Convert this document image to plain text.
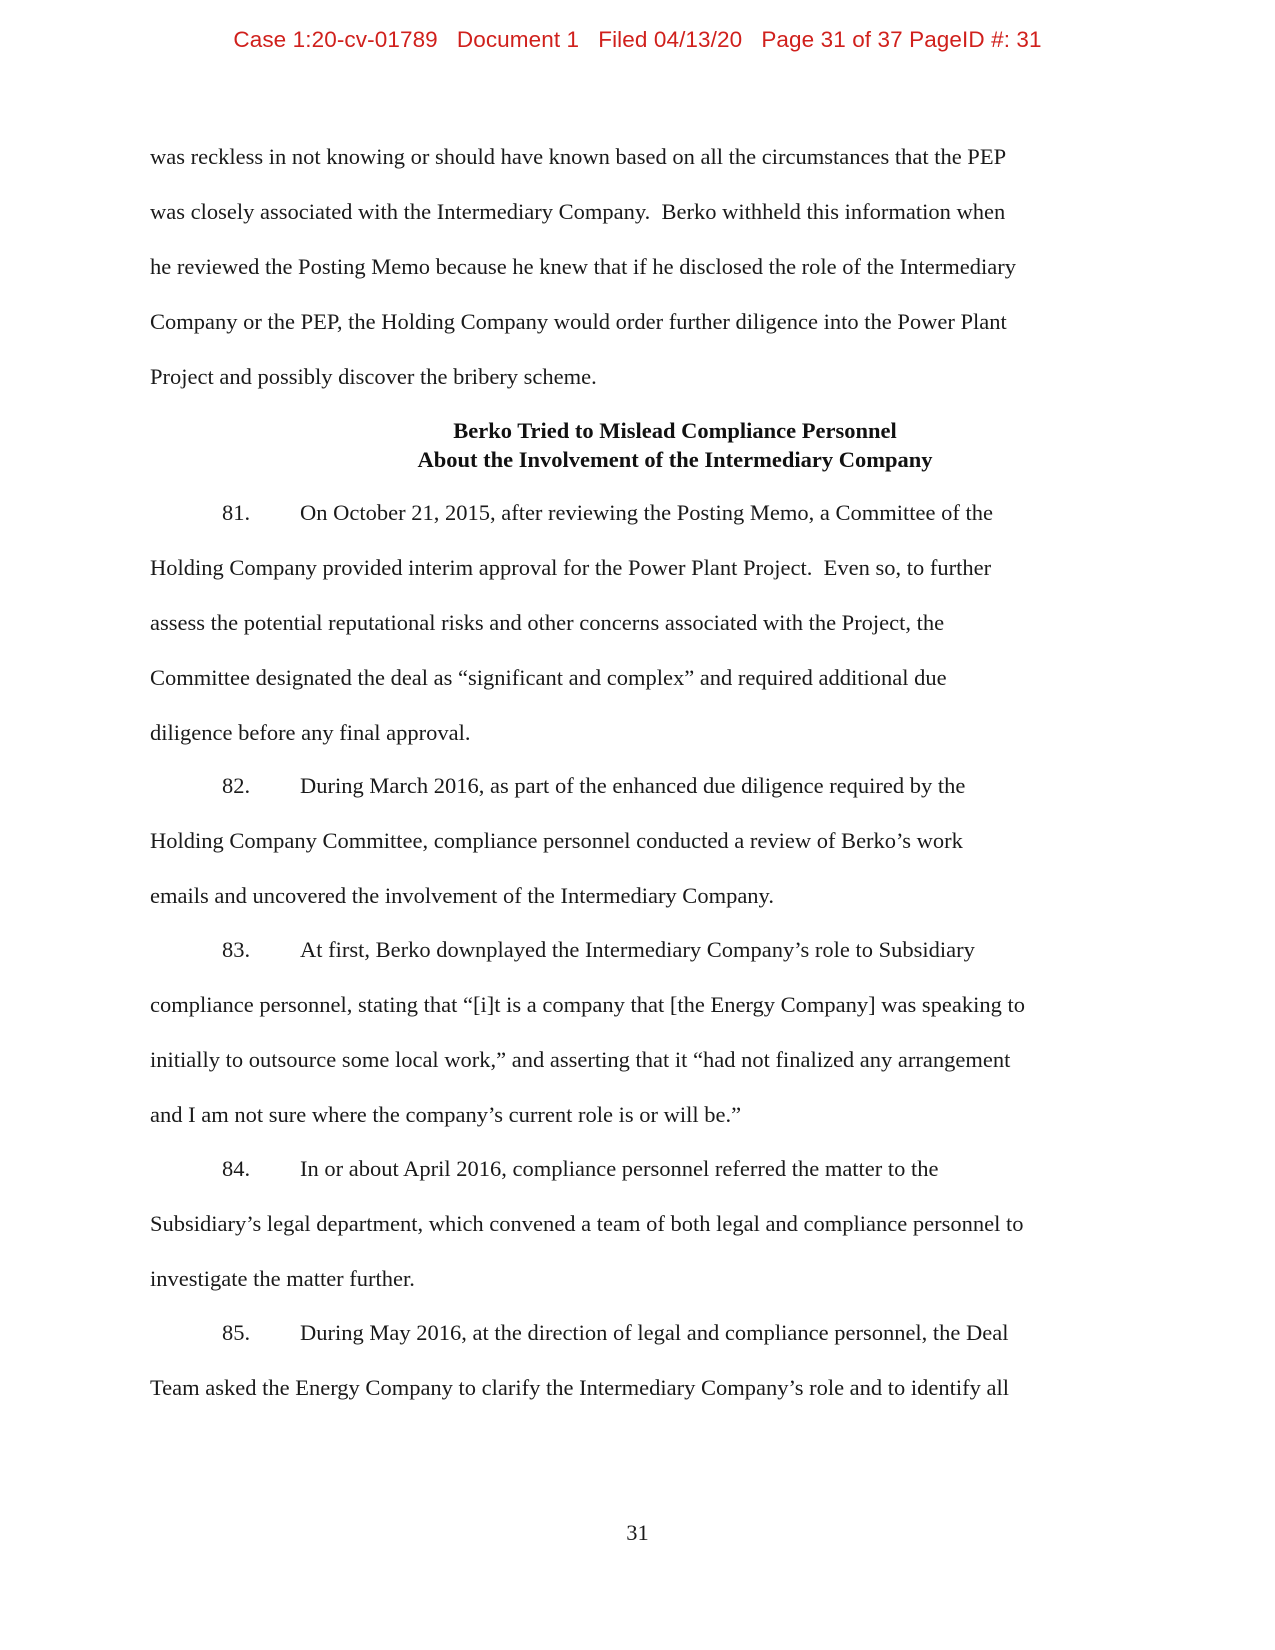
Case 1:20-cv-01789 Document 1 Filed 04/13/20 Page 31 of 37 PageID #: 31
was reckless in not knowing or should have known based on all the circumstances that the PEP
was closely associated with the Intermediary Company.  Berko withheld this information when
he reviewed the Posting Memo because he knew that if he disclosed the role of the Intermediary
Company or the PEP, the Holding Company would order further diligence into the Power Plant
Project and possibly discover the bribery scheme.
Berko Tried to Mislead Compliance Personnel
About the Involvement of the Intermediary Company
81. On October 21, 2015, after reviewing the Posting Memo, a Committee of the
Holding Company provided interim approval for the Power Plant Project.  Even so, to further
assess the potential reputational risks and other concerns associated with the Project, the
Committee designated the deal as “significant and complex” and required additional due
diligence before any final approval.
82. During March 2016, as part of the enhanced due diligence required by the
Holding Company Committee, compliance personnel conducted a review of Berko’s work
emails and uncovered the involvement of the Intermediary Company.
83. At first, Berko downplayed the Intermediary Company’s role to Subsidiary
compliance personnel, stating that “[i]t is a company that [the Energy Company] was speaking to
initially to outsource some local work,” and asserting that it “had not finalized any arrangement
and I am not sure where the company’s current role is or will be.”
84. In or about April 2016, compliance personnel referred the matter to the
Subsidiary’s legal department, which convened a team of both legal and compliance personnel to
investigate the matter further.
85. During May 2016, at the direction of legal and compliance personnel, the Deal
Team asked the Energy Company to clarify the Intermediary Company’s role and to identify all
31
